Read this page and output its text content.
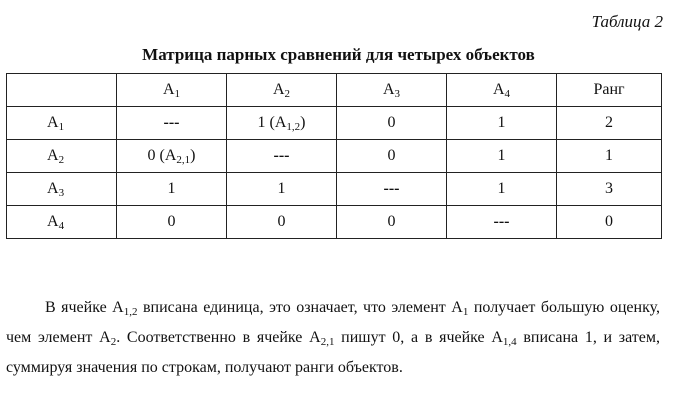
Таблица 2
Матрица парных сравнений для четырех объектов
	$A_1$	$A_2$	$A_3$	$A_4$	Ранг
$A_1$	---	1 $(A_{1,2})$	0	1	2
$A_2$	0 $(A_{2,1})$	---	0	1	1
$A_3$	1	1	---	1	3
$A_4$	0	0	0	---	0
В ячейке $A_{1,2}$ вписана единица, это означает, что элемент $A_1$ получает большую оценку, чем элемент $A_2$. Соответственно в ячейке $A_{2,1}$ пишут 0, а в ячейке $A_{1,4}$ вписана 1, и затем, суммируя значения по строкам, получают ранги объектов.
